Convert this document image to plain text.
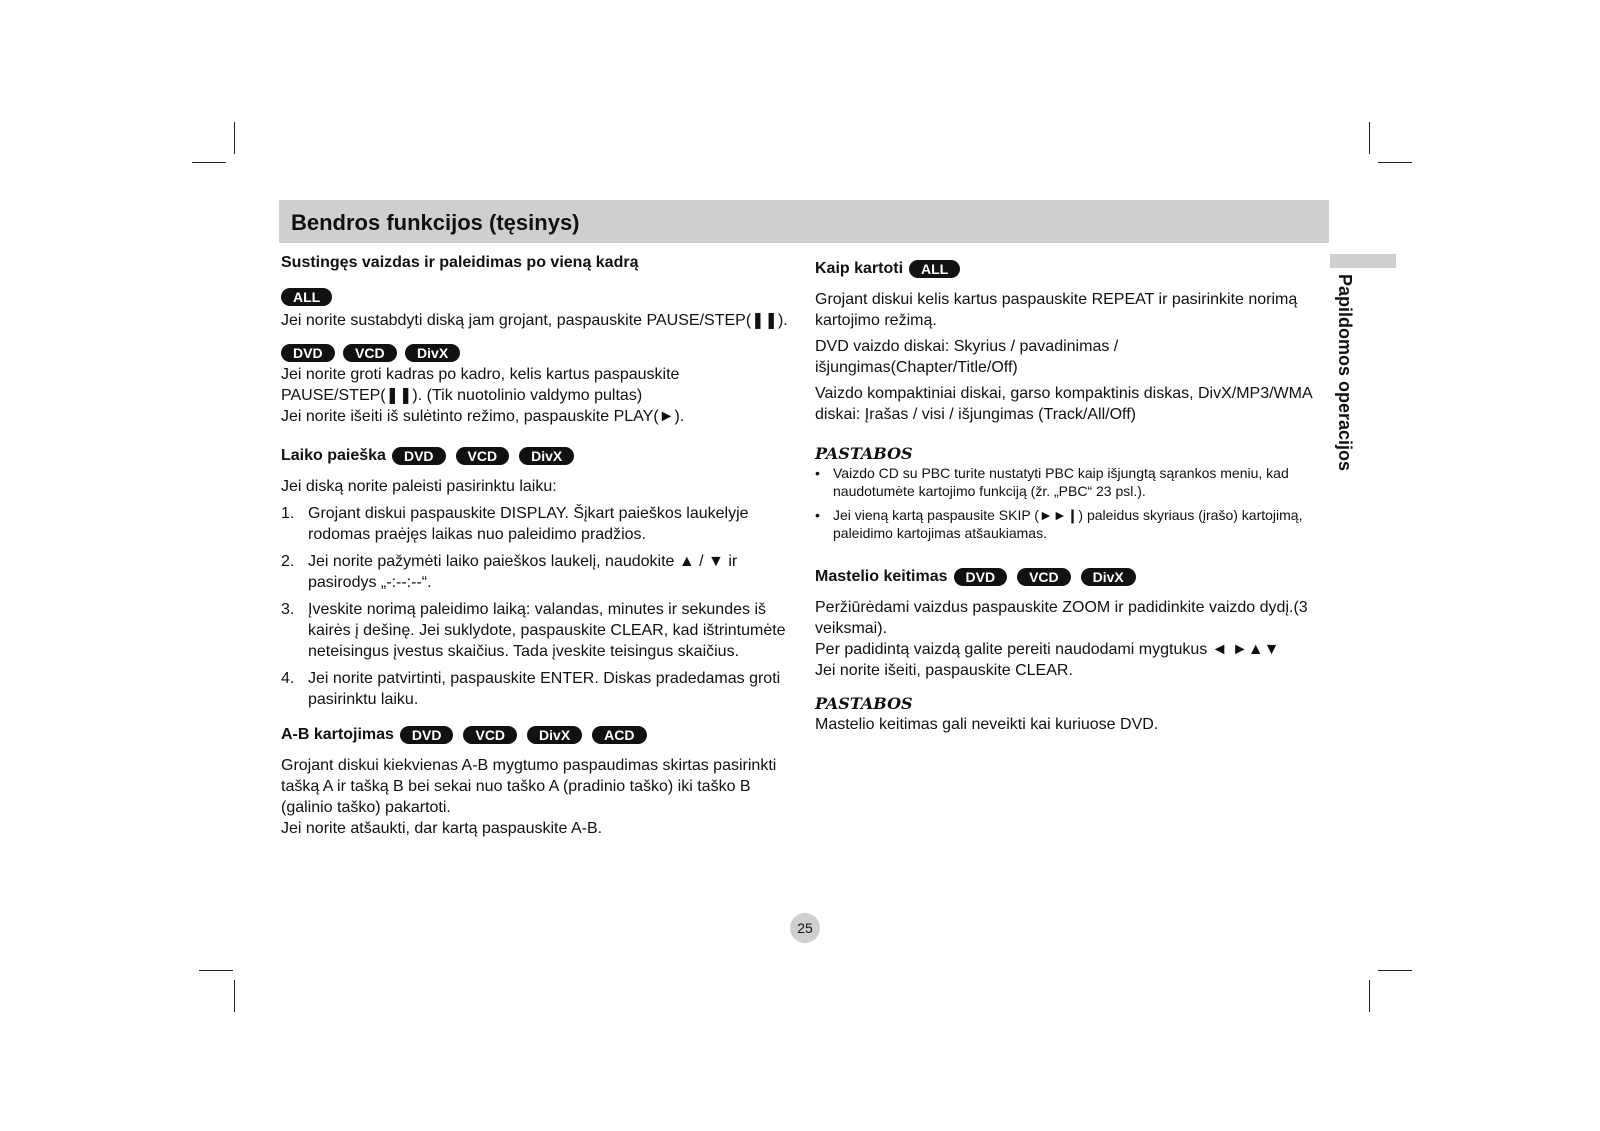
Bendros funkcijos (tęsinys)
Papildomos operacijos

Sustingęs vaizdas ir paleidimas po vieną kadrą

ALL

Jei norite sustabdyti diską jam grojant, paspauskite PAUSE/STEP(❚❚).

DVD VCD DivX

Jei norite groti kadras po kadro, kelis kartus paspauskite PAUSE/STEP(❚❚). (Tik nuotolinio valdymo pultas)

Jei norite išeiti iš sulėtinto režimo, paspauskite PLAY(►).

Laiko paieška	DVD	VCD	DivX

Jei diską norite paleisti pasirinktu laiku:

1. Grojant diskui paspauskite DISPLAY. Šįkart paieškos laukelyje rodomas praėjęs laikas nuo paleidimo pradžios.
2. Jei norite pažymėti laiko paieškos laukelį, naudokite ▲ / ▼ ir pasirodys „-:--:--“.
3. Įveskite norimą paleidimo laiką: valandas, minutes ir sekundes iš kairės į dešinę. Jei suklydote, paspauskite CLEAR, kad ištrintumėte neteisingus įvestus skaičius. Tada įveskite teisingus skaičius.
4. Jei norite patvirtinti, paspauskite ENTER. Diskas pradedamas groti pasirinktu laiku.

A-B kartojimas	DVD	VCD	DivX	ACD

Grojant diskui kiekvienas A-B mygtumo paspaudimas skirtas pasirinkti tašką A ir tašką B bei sekai nuo taško A (pradinio taško) iki taško B (galinio taško) pakartoti.

Jei norite atšaukti, dar kartą paspauskite A-B.

Kaip kartoti	ALL

Grojant diskui kelis kartus paspauskite REPEAT ir pasirinkite norimą kartojimo režimą.

DVD vaizdo diskai: Skyrius / pavadinimas / išjungimas(Chapter/Title/Off)

Vaizdo kompaktiniai diskai, garso kompaktinis diskas, DivX/MP3/WMA diskai: Įrašas / visi / išjungimas (Track/All/Off)

PASTABOS

• Vaizdo CD su PBC turite nustatyti PBC kaip išjungtą sąrankos meniu, kad naudotumėte kartojimo funkciją (žr. „PBC“ 23 psl.).
• Jei vieną kartą paspausite SKIP (►►❙) paleidus skyriaus (įrašo) kartojimą, paleidimo kartojimas atšaukiamas.

Mastelio keitimas	DVD	VCD	DivX

Peržiūrėdami vaizdus paspauskite ZOOM ir padidinkite vaizdo dydį.(3 veiksmai).

Per padidintą vaizdą galite pereiti naudodami mygtukus ◄ ►▲▼

Jei norite išeiti, paspauskite CLEAR.

PASTABOS

Mastelio keitimas gali neveikti kai kuriuose DVD.

25
